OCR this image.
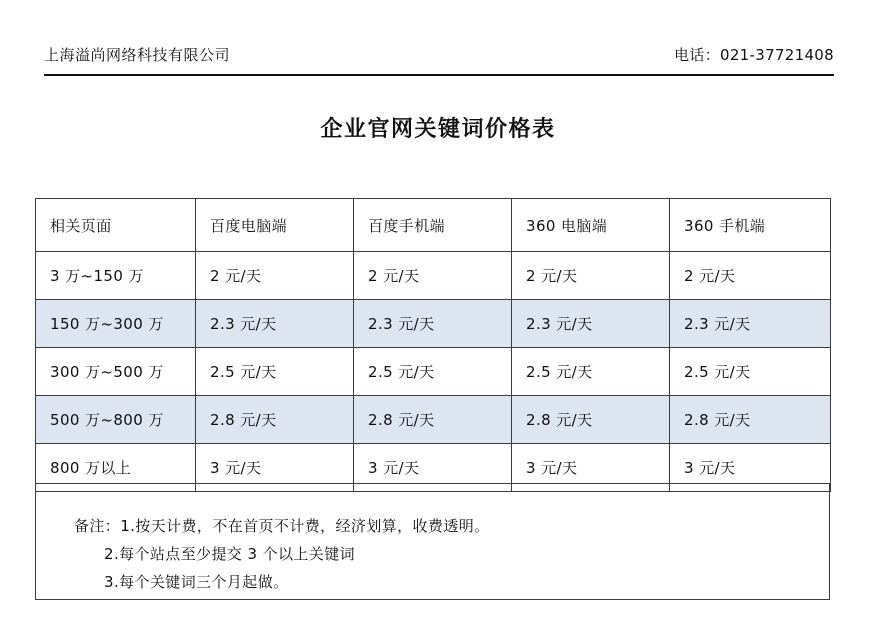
上海溢尚网络科技有限公司	电话：021-37721408
企业官网关键词价格表
相关页面	百度电脑端	百度手机端	360 电脑端	360 手机端
3 万~150 万	2 元/天	2 元/天	2 元/天	2 元/天
150 万~300 万	2.3 元/天	2.3 元/天	2.3 元/天	2.3 元/天
300 万~500 万	2.5 元/天	2.5 元/天	2.5 元/天	2.5 元/天
500 万~800 万	2.8 元/天	2.8 元/天	2.8 元/天	2.8 元/天
800 万以上	3 元/天	3 元/天	3 元/天	3 元/天
备注：1.按天计费，不在首页不计费，经济划算，收费透明。
2.每个站点至少提交 3 个以上关键词
3.每个关键词三个月起做。
